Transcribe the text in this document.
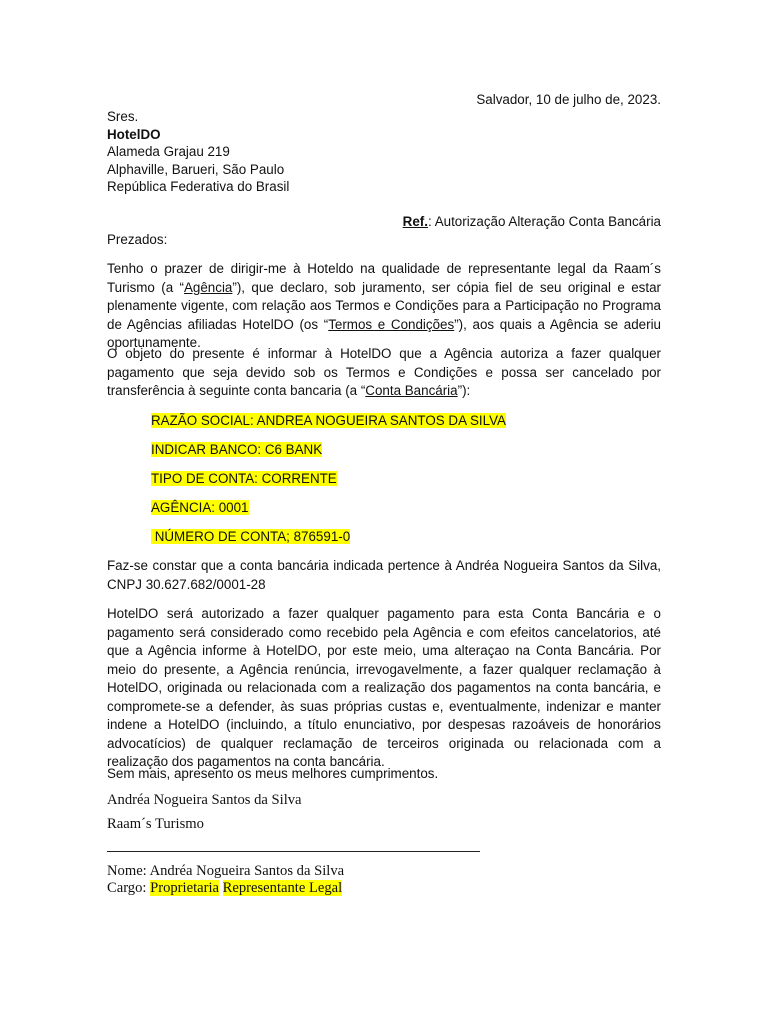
Salvador, 10 de julho de, 2023.
Sres.
HotelDO
Alameda Grajau 219
Alphaville, Barueri, São Paulo
República Federativa do Brasil
Ref.: Autorização Alteração Conta Bancária
Prezados:
Tenho o prazer de dirigir-me à Hoteldo na qualidade de representante legal da Raam´s Turismo (a “Agência”), que declaro, sob juramento, ser cópia fiel de seu original e estar plenamente vigente, com relação aos Termos e Condições para a Participação no Programa de Agências afiliadas HotelDO (os “Termos e Condições”), aos quais a Agência se aderiu oportunamente.
O objeto do presente é informar à HotelDO que a Agência autoriza a fazer qualquer pagamento que seja devido sob os Termos e Condições e possa ser cancelado por transferência à seguinte conta bancaria (a “Conta Bancária”):
RAZÃO SOCIAL: ANDREA NOGUEIRA SANTOS DA SILVA
INDICAR BANCO: C6 BANK
TIPO DE CONTA: CORRENTE
AGÊNCIA: 0001
NÚMERO DE CONTA; 876591-0
Faz-se constar que a conta bancária indicada pertence à Andréa Nogueira Santos da Silva, CNPJ 30.627.682/0001-28
HotelDO será autorizado a fazer qualquer pagamento para esta Conta Bancária e o pagamento será considerado como recebido pela Agência e com efeitos cancelatorios, até que a Agência informe à HotelDO, por este meio, uma alteraçao na Conta Bancária. Por meio do presente, a Agência renúncia, irrevogavelmente, a fazer qualquer reclamação à HotelDO, originada ou relacionada com a realização dos pagamentos na conta bancária, e compromete-se a defender, às suas próprias custas e, eventualmente, indenizar e manter indene a HotelDO (incluindo, a título enunciativo, por despesas razoáveis de honorários advocatícios) de qualquer reclamação de terceiros originada ou relacionada com a realização dos pagamentos na conta bancária.
Sem mais, apresento os meus melhores cumprimentos.
Andréa Nogueira Santos da Silva
Raam´s Turismo
Nome: Andréa Nogueira Santos da Silva
Cargo: Proprietaria Representante Legal
